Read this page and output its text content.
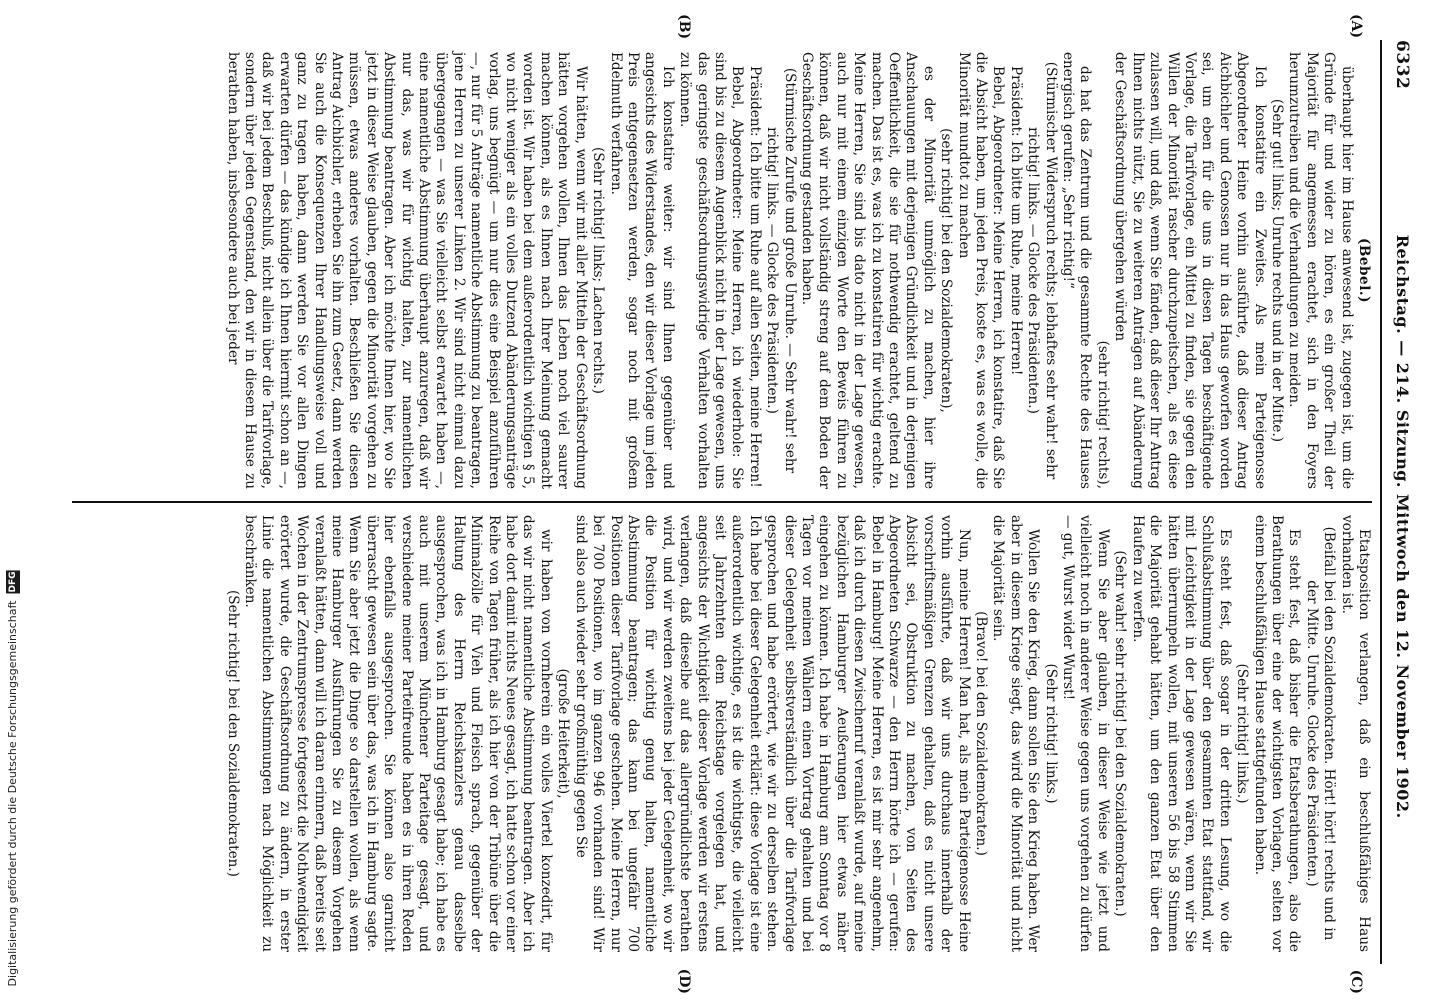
Digitalisierung gefördert durch die Deutsche Forschungsgemeinschaft DFG
6332
Reichstag. — 214. Sitzung. Mittwoch den 12. November 1902.
(A)
(B)
(C)
(D)

(Bebel.)

überhaupt hier im Hause anwesend ist, zugegen ist, um die Gründe für und wider zu hören, es ein großer Theil der Majorität für angemessen erachtet, sich in den Foyers herumzutreiben und die Verhandlungen zu meiden.

(Sehr gut! links; Unruhe rechts und in der Mitte.)

Ich konstatire ein Zweites. Als mein Parteigenosse Abgeordneter Heine vorhin ausführte, daß dieser Antrag Aichbichler und Genossen nur in das Haus geworfen worden sei, um eben für die uns in diesen Tagen beschäftigende Vorlage, die Tarifvorlage, ein Mittel zu finden, sie gegen den Willen der Minorität rascher durchzupeitschen, als es diese zulassen will, und daß, wenn Sie fänden, daß dieser Ihr Antrag Ihnen nichts nützt, Sie zu weiteren Anträgen auf Abänderung der Geschäftsordnung übergehen würden

(sehr richtig! rechts),

da hat das Zentrum und die gesammte Rechte des Hauses energisch gerufen: „Sehr richtig!“

(Stürmischer Widerspruch rechts; lebhaftes sehr wahr! sehr richtig! links. — Glocke des Präsidenten.)

Präsident: Ich bitte um Ruhe, meine Herren!

Bebel, Abgeordneter: Meine Herren, ich konstatire, daß Sie die Absicht haben, um jeden Preis, koste es, was es wolle, die Minorität mundtot zu machen

(sehr richtig! bei den Sozialdemokraten),

es der Minorität unmöglich zu machen, hier ihre Anschauungen mit derjenigen Gründlichkeit und in derjenigen Oeffentlichkeit, die sie für nothwendig erachtet, geltend zu machen. Das ist es, was ich zu konstatiren für wichtig erachte. Meine Herren, Sie sind bis dato nicht in der Lage gewesen, auch nur mit einem einzigen Worte den Beweis führen zu können, daß wir nicht vollständig streng auf dem Boden der Geschäftsordnung gestanden haben.

(Stürmische Zurufe und große Unruhe. — Sehr wahr! sehr richtig! links. — Glocke des Präsidenten.)

Präsident: Ich bitte um Ruhe auf allen Seiten, meine Herren!

Bebel, Abgeordneter: Meine Herren, ich wiederhole: Sie sind bis zu diesem Augenblick nicht in der Lage gewesen, uns das geringste geschäftsordnungswidrige Verhalten vorhalten zu können.

Ich konstatire weiter: wir sind Ihnen gegenüber und angesichts des Widerstandes, den wir dieser Vorlage um jeden Preis entgegensetzen werden, sogar noch mit großem Edelmuth verfahren.

(Sehr richtig! links; Lachen rechts.)

Wir hätten, wenn wir mit aller Mitteln der Geschäftsordnung hätten vorgehen wollen, Ihnen das Leben noch viel saurer machen können, als es Ihnen nach Ihrer Meinung gemacht worden ist. Wir haben bei dem außerordentlich wichtigen § 5, wo nicht weniger als ein volles Dutzend Abänderungsanträge vorlag, uns begnügt — um nur dies eine Beispiel anzuführen —, nur für 5 Anträge namentliche Abstimmung zu beantragen, jene Herren zu unserer Linken 2. Wir sind nicht einmal dazu übergegangen — was Sie vielleicht selbst erwartet haben —, eine namentliche Abstimmung überhaupt anzuregen, daß wir nur das, was wir für wichtig halten, zur namentlichen Abstimmung beantragen. Aber ich möchte Ihnen hier, wo Sie jetzt in dieser Weise glauben, gegen die Minorität vorgehen zu müssen, etwas anderes vorhalten. Beschließen Sie diesen Antrag Aichbichler, erheben Sie ihn zum Gesetz, dann werden Sie auch die Konsequenzen Ihrer Handlungsweise voll und ganz zu tragen haben, dann werden Sie vor allen Dingen erwarten dürfen — das kündige ich Ihnen hiermit schon an —, daß wir bei jedem Beschluß, nicht allein über die Tarifvorlage, sondern über jeden Gegenstand, den wir in diesem Hause zu berathen haben, insbesondere auch bei jeder

Etatsposition verlangen, daß ein beschlußfähiges Haus vorhanden ist.

(Beifall bei den Sozialdemokraten. Hört! hört! rechts und in der Mitte. Unruhe. Glocke des Präsidenten.)

Es steht fest, daß bisher die Etatsberathungen, also die Berathungen über eine der wichtigsten Vorlagen, selten vor einem beschlußfähigen Hause stattgefunden haben.

(Sehr richtig! links.)

Es steht fest, daß sogar in der dritten Lesung, wo die Schlußabstimmung über den gesammten Etat stattfand, wir mit Leichtigkeit in der Lage gewesen wären, wenn wir Sie hätten überrumpeln wollen, mit unseren 56 bis 58 Stimmen die Majorität gehabt hätten, um den ganzen Etat über den Haufen zu werfen.

(Sehr wahr! sehr richtig! bei den Sozialdemokraten.)

Wenn Sie aber glauben, in dieser Weise wie jetzt und vielleicht noch in anderer Weise gegen uns vorgehen zu dürfen — gut, Wurst wider Wurst!

(Sehr richtig! links.)

Wollen Sie den Krieg, dann sollen Sie den Krieg haben. Wer aber in diesem Kriege siegt, das wird die Minorität und nicht die Majorität sein.

(Bravo! bei den Sozialdemokraten.)

Nun, meine Herren! Man hat, als mein Parteigenosse Heine vorhin ausführte, daß wir uns durchaus innerhalb der vorschriftsmäßigen Grenzen gehalten, daß es nicht unsere Absicht sei, Obstruktion zu machen, von Seiten des Abgeordneten Schwarze — den Herrn hörte ich — gerufen: Bebel in Hamburg! Meine Herren, es ist mir sehr angenehm, daß ich durch diesen Zwischenruf veranlaßt wurde, auf meine bezüglichen Hamburger Aeußerungen hier etwas näher eingehen zu können. Ich habe in Hamburg am Sonntag vor 8 Tagen vor meinen Wählern einen Vortrag gehalten und bei dieser Gelegenheit selbstverständlich über die Tarifvorlage gesprochen und habe erörtert, wie wir zu derselben stehen. Ich habe bei dieser Gelegenheit erklärt: diese Vorlage ist eine außerordentlich wichtige, es ist die wichtigste, die vielleicht seit Jahrzehnten dem Reichstage vorgelegen hat, und angesichts der Wichtigkeit dieser Vorlage werden wir erstens verlangen, daß dieselbe auf das allergründlichste berathen wird, und wir werden zweitens bei jeder Gelegenheit, wo wir die Position für wichtig genug halten, namentliche Abstimmung beantragen; das kann bei ungefähr 700 Positionen dieser Tarifvorlage geschehen. Meine Herren, nur bei 700 Positionen, wo im ganzen 946 vorhanden sind! Wir sind also auch wieder sehr großmüthig gegen Sie

(große Heiterkeit),

wir haben von vornherein ein volles Viertel konzedirt, für das wir nicht namentliche Abstimmung beantragen. Aber ich habe dort damit nichts Neues gesagt, ich hatte schon vor einer Reihe von Tagen früher, als ich hier von der Tribüne über die Minimalzölle für Vieh und Fleisch sprach, gegenüber der Haltung des Herrn Reichskanzlers genau dasselbe ausgesprochen, was ich in Hamburg gesagt habe; ich habe es auch mit unserem Münchener Parteitage gesagt, und verschiedene meiner Parteifreunde haben es in ihren Reden hier ebenfalls ausgesprochen. Sie können also garnicht überrascht gewesen sein über das, was ich in Hamburg sagte. Wenn Sie aber jetzt die Dinge so darstellen wollen, als wenn meine Hamburger Ausführungen Sie zu diesem Vorgehen veranlaßt hätten, dann will ich daran erinnern, daß bereits seit Wochen in der Zentrumspresse fortgesetzt die Nothwendigkeit erörtert wurde, die Geschäftsordnung zu ändern, in erster Linie die namentlichen Abstimmungen nach Möglichkeit zu beschränken.

(Sehr richtig! bei den Sozialdemokraten.)
